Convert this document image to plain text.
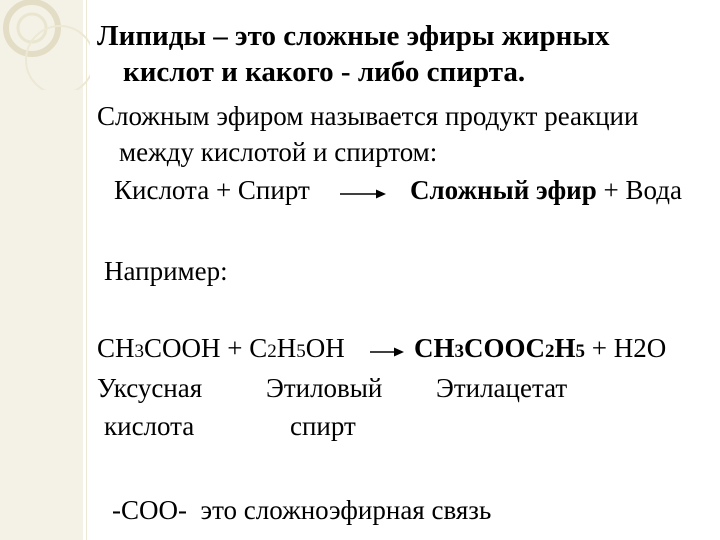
Липиды – это сложные эфиры жирных
кислот и какого - либо спирта.
Сложным эфиром называется продукт реакции
между кислотой и спиртом:
Кислота + Спирт → Сложный эфир + Вода
Например:
CH3COOH + C2H5OH	CH3COOC2H5 + H2O
Уксусная
кислота
Этиловый
спирт
Этилацетат
-COO- это сложноэфирная связь
